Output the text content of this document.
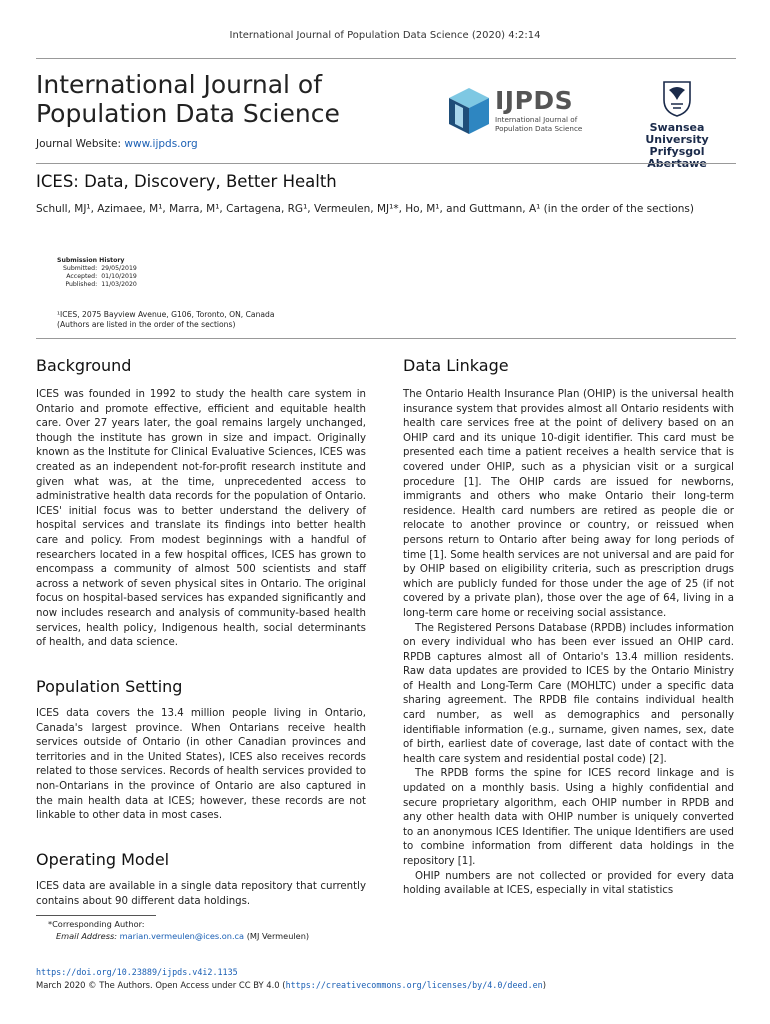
International Journal of Population Data Science (2020) 4:2:14
International Journal of
Population Data Science
Journal Website: www.ijpds.org
IJPDS
International Journal of
Population Data Science	Swansea University
Prifysgol Abertawe
ICES: Data, Discovery, Better Health
Schull, MJ¹, Azimaee, M¹, Marra, M¹, Cartagena, RG¹, Vermeulen, MJ¹*, Ho, M¹, and Guttmann, A¹ (in the order of the sections)
Submission History
Submitted:	29/05/2019
Accepted:	01/10/2019
Published:	11/03/2020
¹ICES, 2075 Bayview Avenue, G106, Toronto, ON, Canada
(Authors are listed in the order of the sections)
Background
ICES was founded in 1992 to study the health care system in Ontario and promote effective, efficient and equitable health care. Over 27 years later, the goal remains largely unchanged, though the institute has grown in size and impact. Originally known as the Institute for Clinical Evaluative Sciences, ICES was created as an independent not-for-profit research institute and given what was, at the time, unprecedented access to administrative health data records for the population of Ontario. ICES' initial focus was to better understand the delivery of hospital services and translate its findings into better health care and policy. From modest beginnings with a handful of researchers located in a few hospital offices, ICES has grown to encompass a community of almost 500 scientists and staff across a network of seven physical sites in Ontario. The original focus on hospital-based services has expanded significantly and now includes research and analysis of community-based health services, health policy, Indigenous health, social determinants of health, and data science.
Population Setting
ICES data covers the 13.4 million people living in Ontario, Canada's largest province. When Ontarians receive health services outside of Ontario (in other Canadian provinces and territories and in the United States), ICES also receives records related to those services. Records of health services provided to non-Ontarians in the province of Ontario are also captured in the main health data at ICES; however, these records are not linkable to other data in most cases.
Operating Model
ICES data are available in a single data repository that currently contains about 90 different data holdings.
Data Linkage
The Ontario Health Insurance Plan (OHIP) is the universal health insurance system that provides almost all Ontario residents with health care services free at the point of delivery based on an OHIP card and its unique 10-digit identifier. This card must be presented each time a patient receives a health service that is covered under OHIP, such as a physician visit or a surgical procedure [1]. The OHIP cards are issued for newborns, immigrants and others who make Ontario their long-term residence. Health card numbers are retired as people die or relocate to another province or country, or reissued when persons return to Ontario after being away for long periods of time [1]. Some health services are not universal and are paid for by OHIP based on eligibility criteria, such as prescription drugs which are publicly funded for those under the age of 25 (if not covered by a private plan), those over the age of 64, living in a long-term care home or receiving social assistance.
The Registered Persons Database (RPDB) includes information on every individual who has been ever issued an OHIP card. RPDB captures almost all of Ontario's 13.4 million residents. Raw data updates are provided to ICES by the Ontario Ministry of Health and Long-Term Care (MOHLTC) under a specific data sharing agreement. The RPDB file contains individual health card number, as well as demographics and personally identifiable information (e.g., surname, given names, sex, date of birth, earliest date of coverage, last date of contact with the health care system and residential postal code) [2].
The RPDB forms the spine for ICES record linkage and is updated on a monthly basis. Using a highly confidential and secure proprietary algorithm, each OHIP number in RPDB and any other health data with OHIP number is uniquely converted to an anonymous ICES Identifier. The unique Identifiers are used to combine information from different data holdings in the repository [1].
OHIP numbers are not collected or provided for every data holding available at ICES, especially in vital statistics
*Corresponding Author:
Email Address: marian.vermeulen@ices.on.ca (MJ Vermeulen)
https://doi.org/10.23889/ijpds.v4i2.1135
March 2020 © The Authors. Open Access under CC BY 4.0 (https://creativecommons.org/licenses/by/4.0/deed.en)
